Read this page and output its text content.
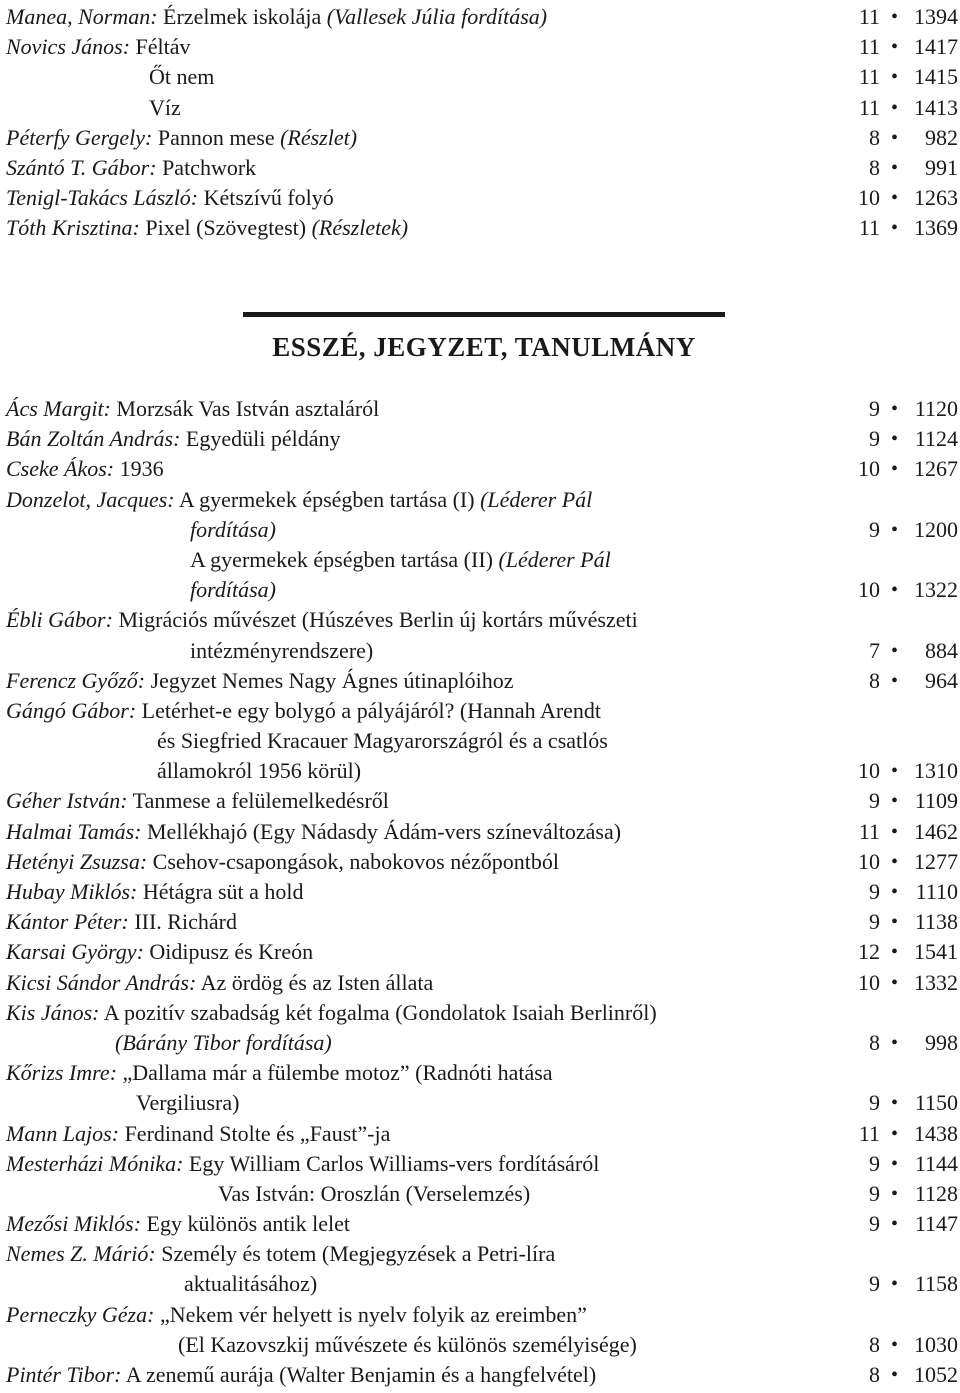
Manea, Norman: Érzelmek iskolája (Vallesek Júlia fordítása)	11 • 1394
Novics János: Féltáv	11 • 1417
Őt nem	11 • 1415
Víz	11 • 1413
Péterfy Gergely: Pannon mese (Részlet)	8 • 982
Szántó T. Gábor: Patchwork	8 • 991
Tenigl-Takács László: Kétszívű folyó	10 • 1263
Tóth Krisztina: Pixel (Szövegtest) (Részletek)	11 • 1369
ESSZÉ, JEGYZET, TANULMÁNY
Ács Margit: Morzsák Vas István asztaláról	9 • 1120
Bán Zoltán András: Egyedüli példány	9 • 1124
Cseke Ákos: 1936	10 • 1267
Donzelot, Jacques: A gyermekek épségben tartása (I) (Léderer Pál
fordítása)	9 • 1200
A gyermekek épségben tartása (II) (Léderer Pál
fordítása)	10 • 1322
Ébli Gábor: Migrációs művészet (Húszéves Berlin új kortárs művészeti
intézményrendszere)	7 • 884
Ferencz Győző: Jegyzet Nemes Nagy Ágnes útinaplóihoz	8 • 964
Gángó Gábor: Letérhet-e egy bolygó a pályájáról? (Hannah Arendt
és Siegfried Kracauer Magyarországról és a csatlós
államokról 1956 körül)	10 • 1310
Géher István: Tanmese a felülemelkedésről	9 • 1109
Halmai Tamás: Mellékhajó (Egy Nádasdy Ádám-vers színeváltozása)	11 • 1462
Hetényi Zsuzsa: Csehov-csapongások, nabokovos nézőpontból	10 • 1277
Hubay Miklós: Hétágra süt a hold	9 • 1110
Kántor Péter: III. Richárd	9 • 1138
Karsai György: Oidipusz és Kreón	12 • 1541
Kicsi Sándor András: Az ördög és az Isten állata	10 • 1332
Kis János: A pozitív szabadság két fogalma (Gondolatok Isaiah Berlinről)
(Bárány Tibor fordítása)	8 • 998
Kőrizs Imre: „Dallama már a fülembe motoz” (Radnóti hatása
Vergiliusra)	9 • 1150
Mann Lajos: Ferdinand Stolte és „Faust”-ja	11 • 1438
Mesterházi Mónika: Egy William Carlos Williams-vers fordításáról	9 • 1144
Vas István: Oroszlán (Verselemzés)	9 • 1128
Mezősi Miklós: Egy különös antik lelet	9 • 1147
Nemes Z. Márió: Személy és totem (Megjegyzések a Petri-líra
aktualitásához)	9 • 1158
Perneczky Géza: „Nekem vér helyett is nyelv folyik az ereimben”
(El Kazovszkij művészete és különös személyisége)	8 • 1030
Pintér Tibor: A zenemű aurája (Walter Benjamin és a hangfelvétel)	8 • 1052
